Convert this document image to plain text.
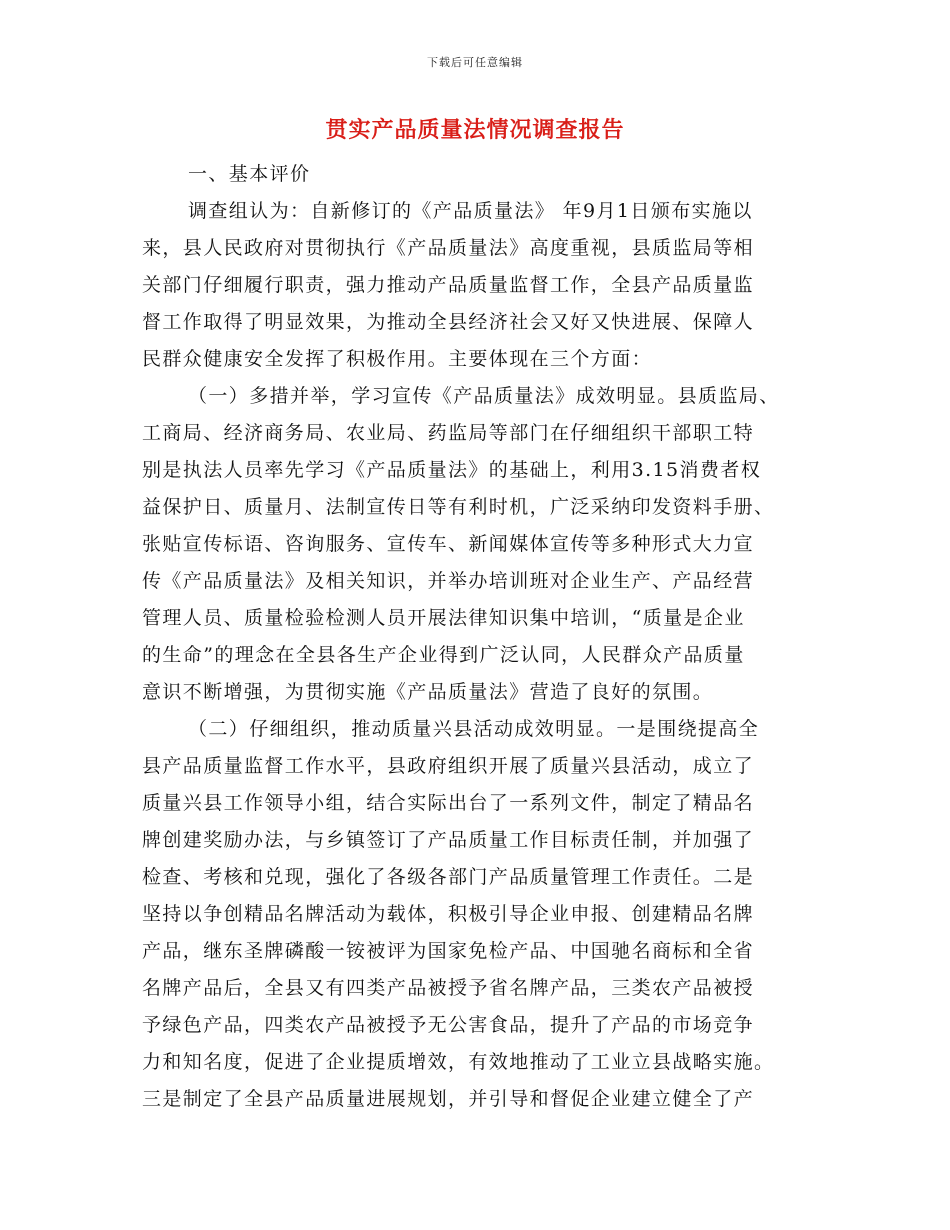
下载后可任意编辑
贯实产品质量法情况调查报告
一、基本评价
调查组认为：自新修订的《产品质量法》 年9月1日颁布实施以
来，县人民政府对贯彻执行《产品质量法》高度重视，县质监局等相
关部门仔细履行职责，强力推动产品质量监督工作，全县产品质量监
督工作取得了明显效果，为推动全县经济社会又好又快进展、保障人
民群众健康安全发挥了积极作用。主要体现在三个方面：
（一）多措并举，学习宣传《产品质量法》成效明显。县质监局、
工商局、经济商务局、农业局、药监局等部门在仔细组织干部职工特
别是执法人员率先学习《产品质量法》的基础上，利用3.15消费者权
益保护日、质量月、法制宣传日等有利时机，广泛采纳印发资料手册、
张贴宣传标语、咨询服务、宣传车、新闻媒体宣传等多种形式大力宣
传《产品质量法》及相关知识，并举办培训班对企业生产、产品经营
管理人员、质量检验检测人员开展法律知识集中培训，“质量是企业
的生命”的理念在全县各生产企业得到广泛认同，人民群众产品质量
意识不断增强，为贯彻实施《产品质量法》营造了良好的氛围。
（二）仔细组织，推动质量兴县活动成效明显。一是围绕提高全
县产品质量监督工作水平，县政府组织开展了质量兴县活动，成立了
质量兴县工作领导小组，结合实际出台了一系列文件，制定了精品名
牌创建奖励办法，与乡镇签订了产品质量工作目标责任制，并加强了
检查、考核和兑现，强化了各级各部门产品质量管理工作责任。二是
坚持以争创精品名牌活动为载体，积极引导企业申报、创建精品名牌
产品，继东圣牌磷酸一铵被评为国家免检产品、中国驰名商标和全省
名牌产品后，全县又有四类产品被授予省名牌产品，三类农产品被授
予绿色产品，四类农产品被授予无公害食品，提升了产品的市场竞争
力和知名度，促进了企业提质增效，有效地推动了工业立县战略实施。
三是制定了全县产品质量进展规划，并引导和督促企业建立健全了产
